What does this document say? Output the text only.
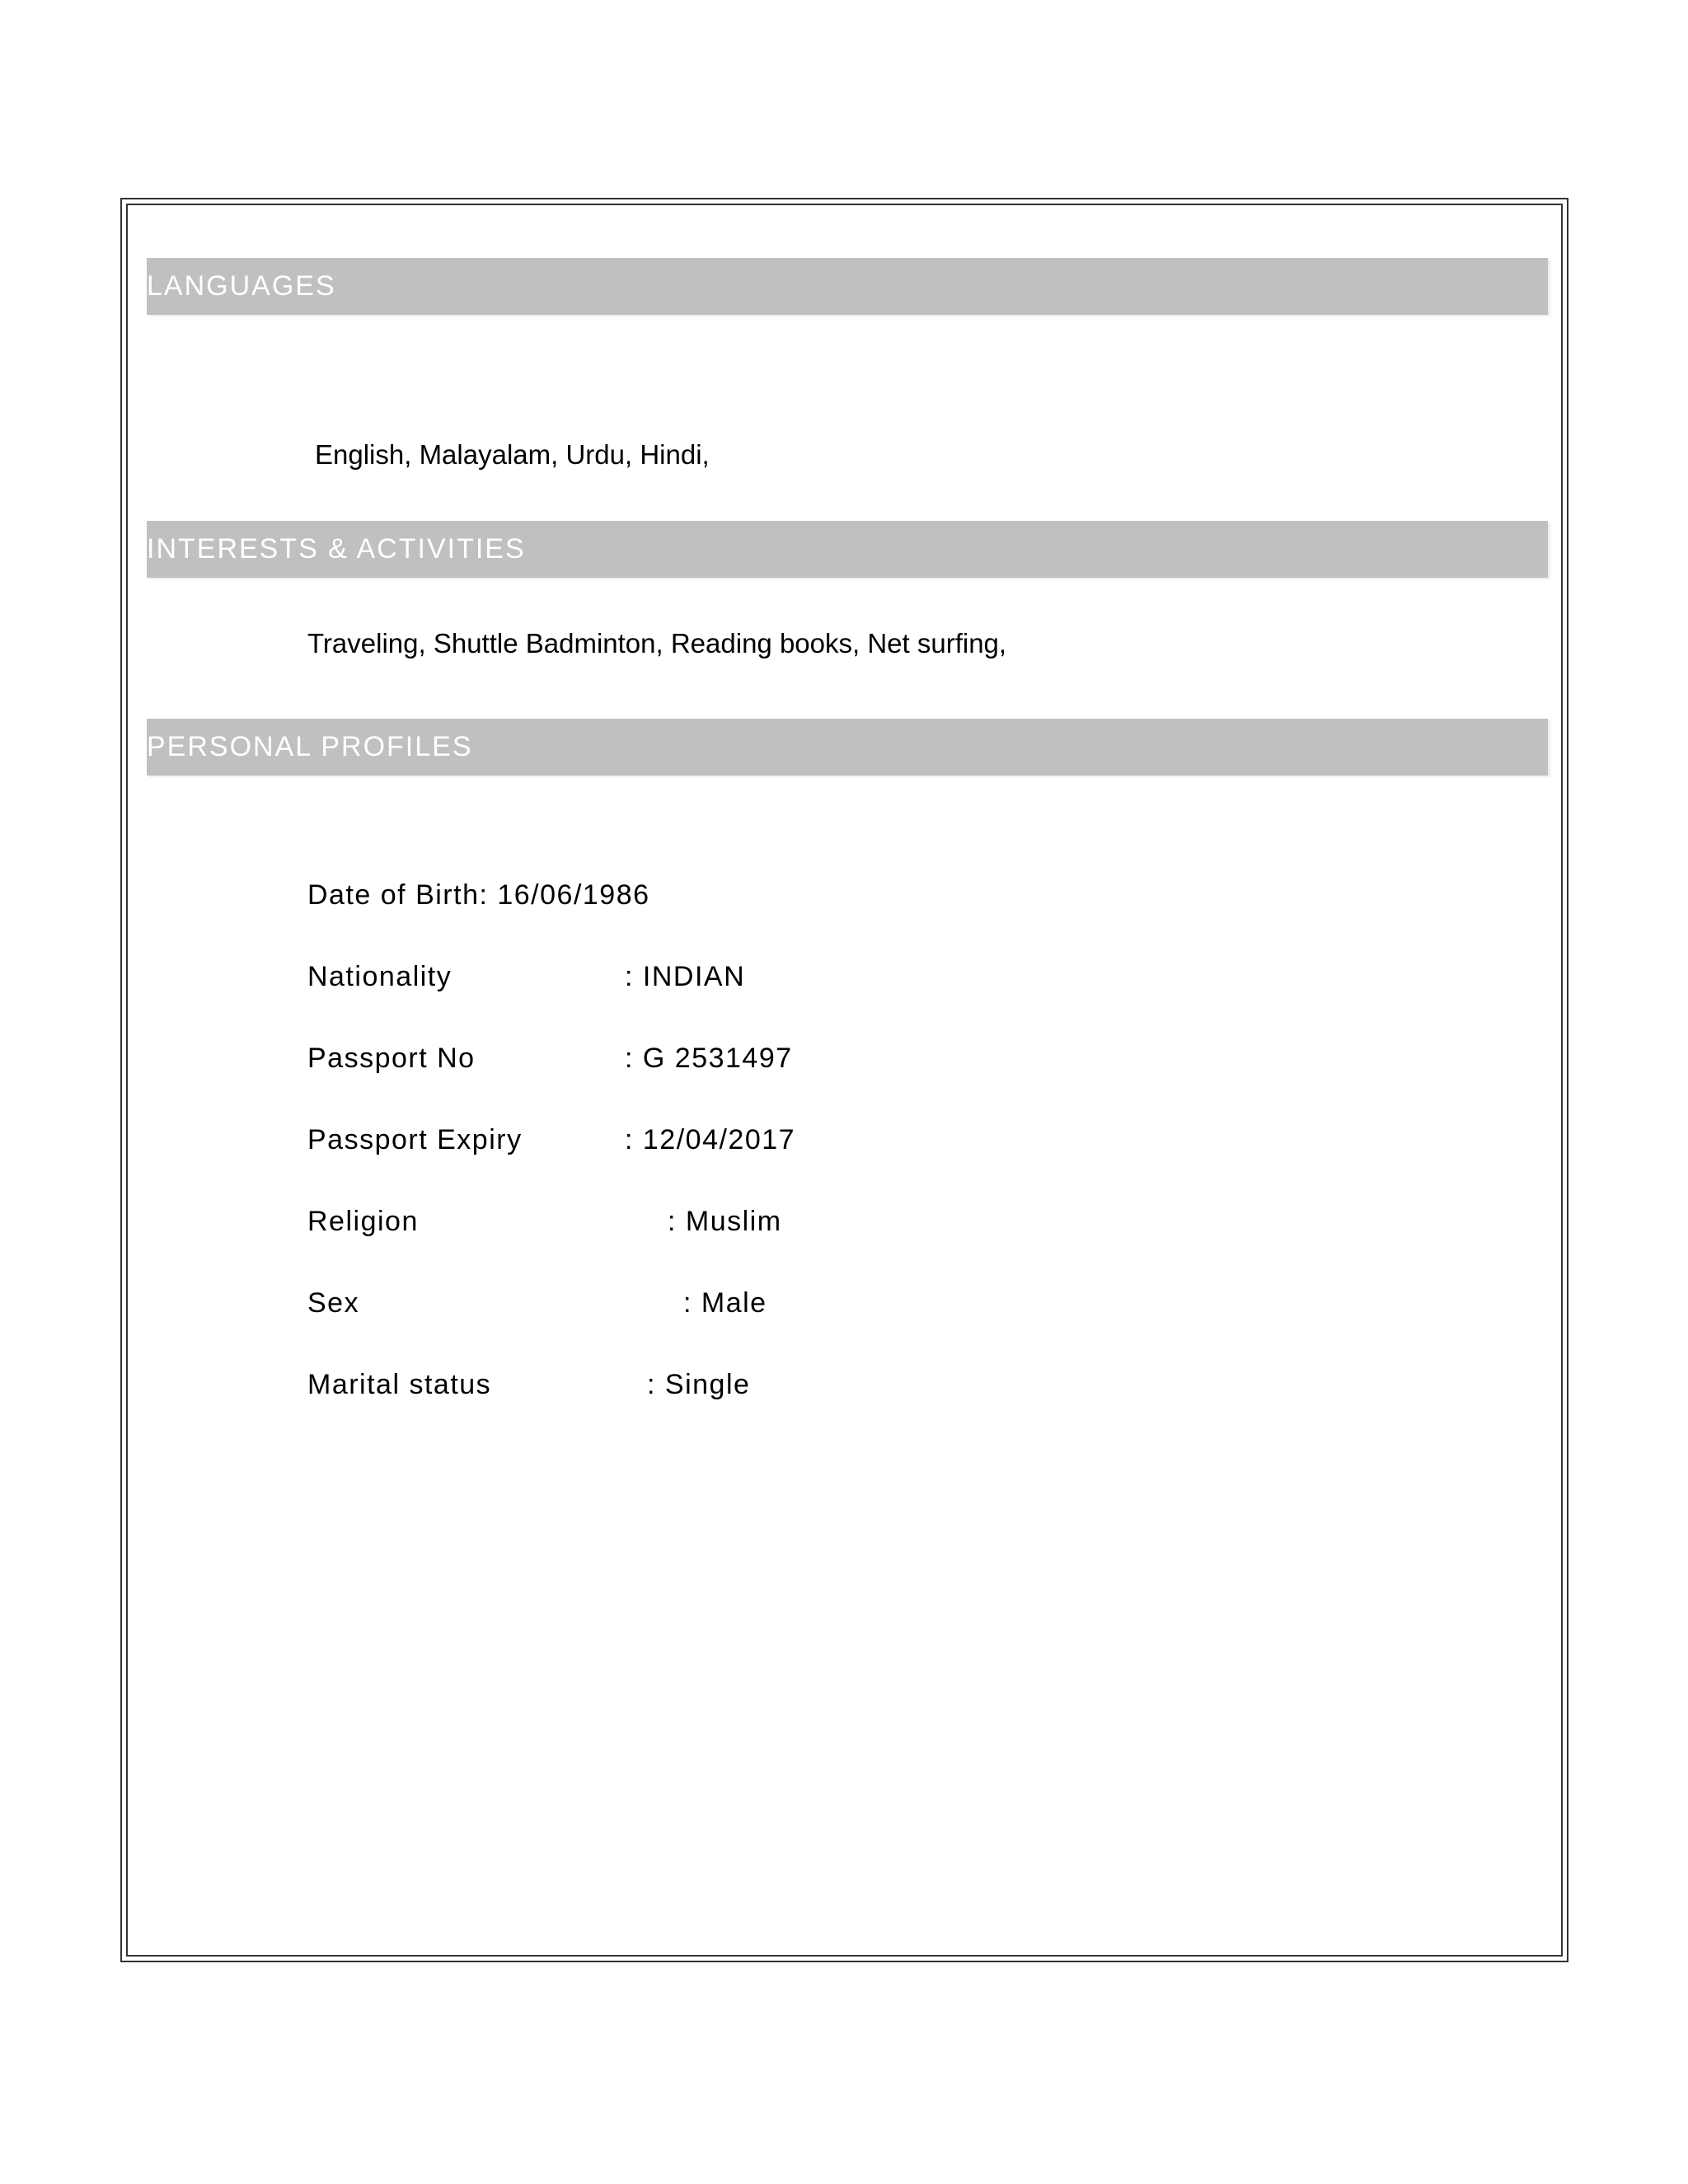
LANGUAGES
English, Malayalam, Urdu, Hindi,
INTERESTS & ACTIVITIES
Traveling, Shuttle Badminton, Reading books, Net surfing,
PERSONAL PROFILES
Date of Birth: 16/06/1986
Nationality	: INDIAN
Passport No	: G 2531497
Passport Expiry	: 12/04/2017
Religion	: Muslim
Sex	: Male
Marital status	: Single
